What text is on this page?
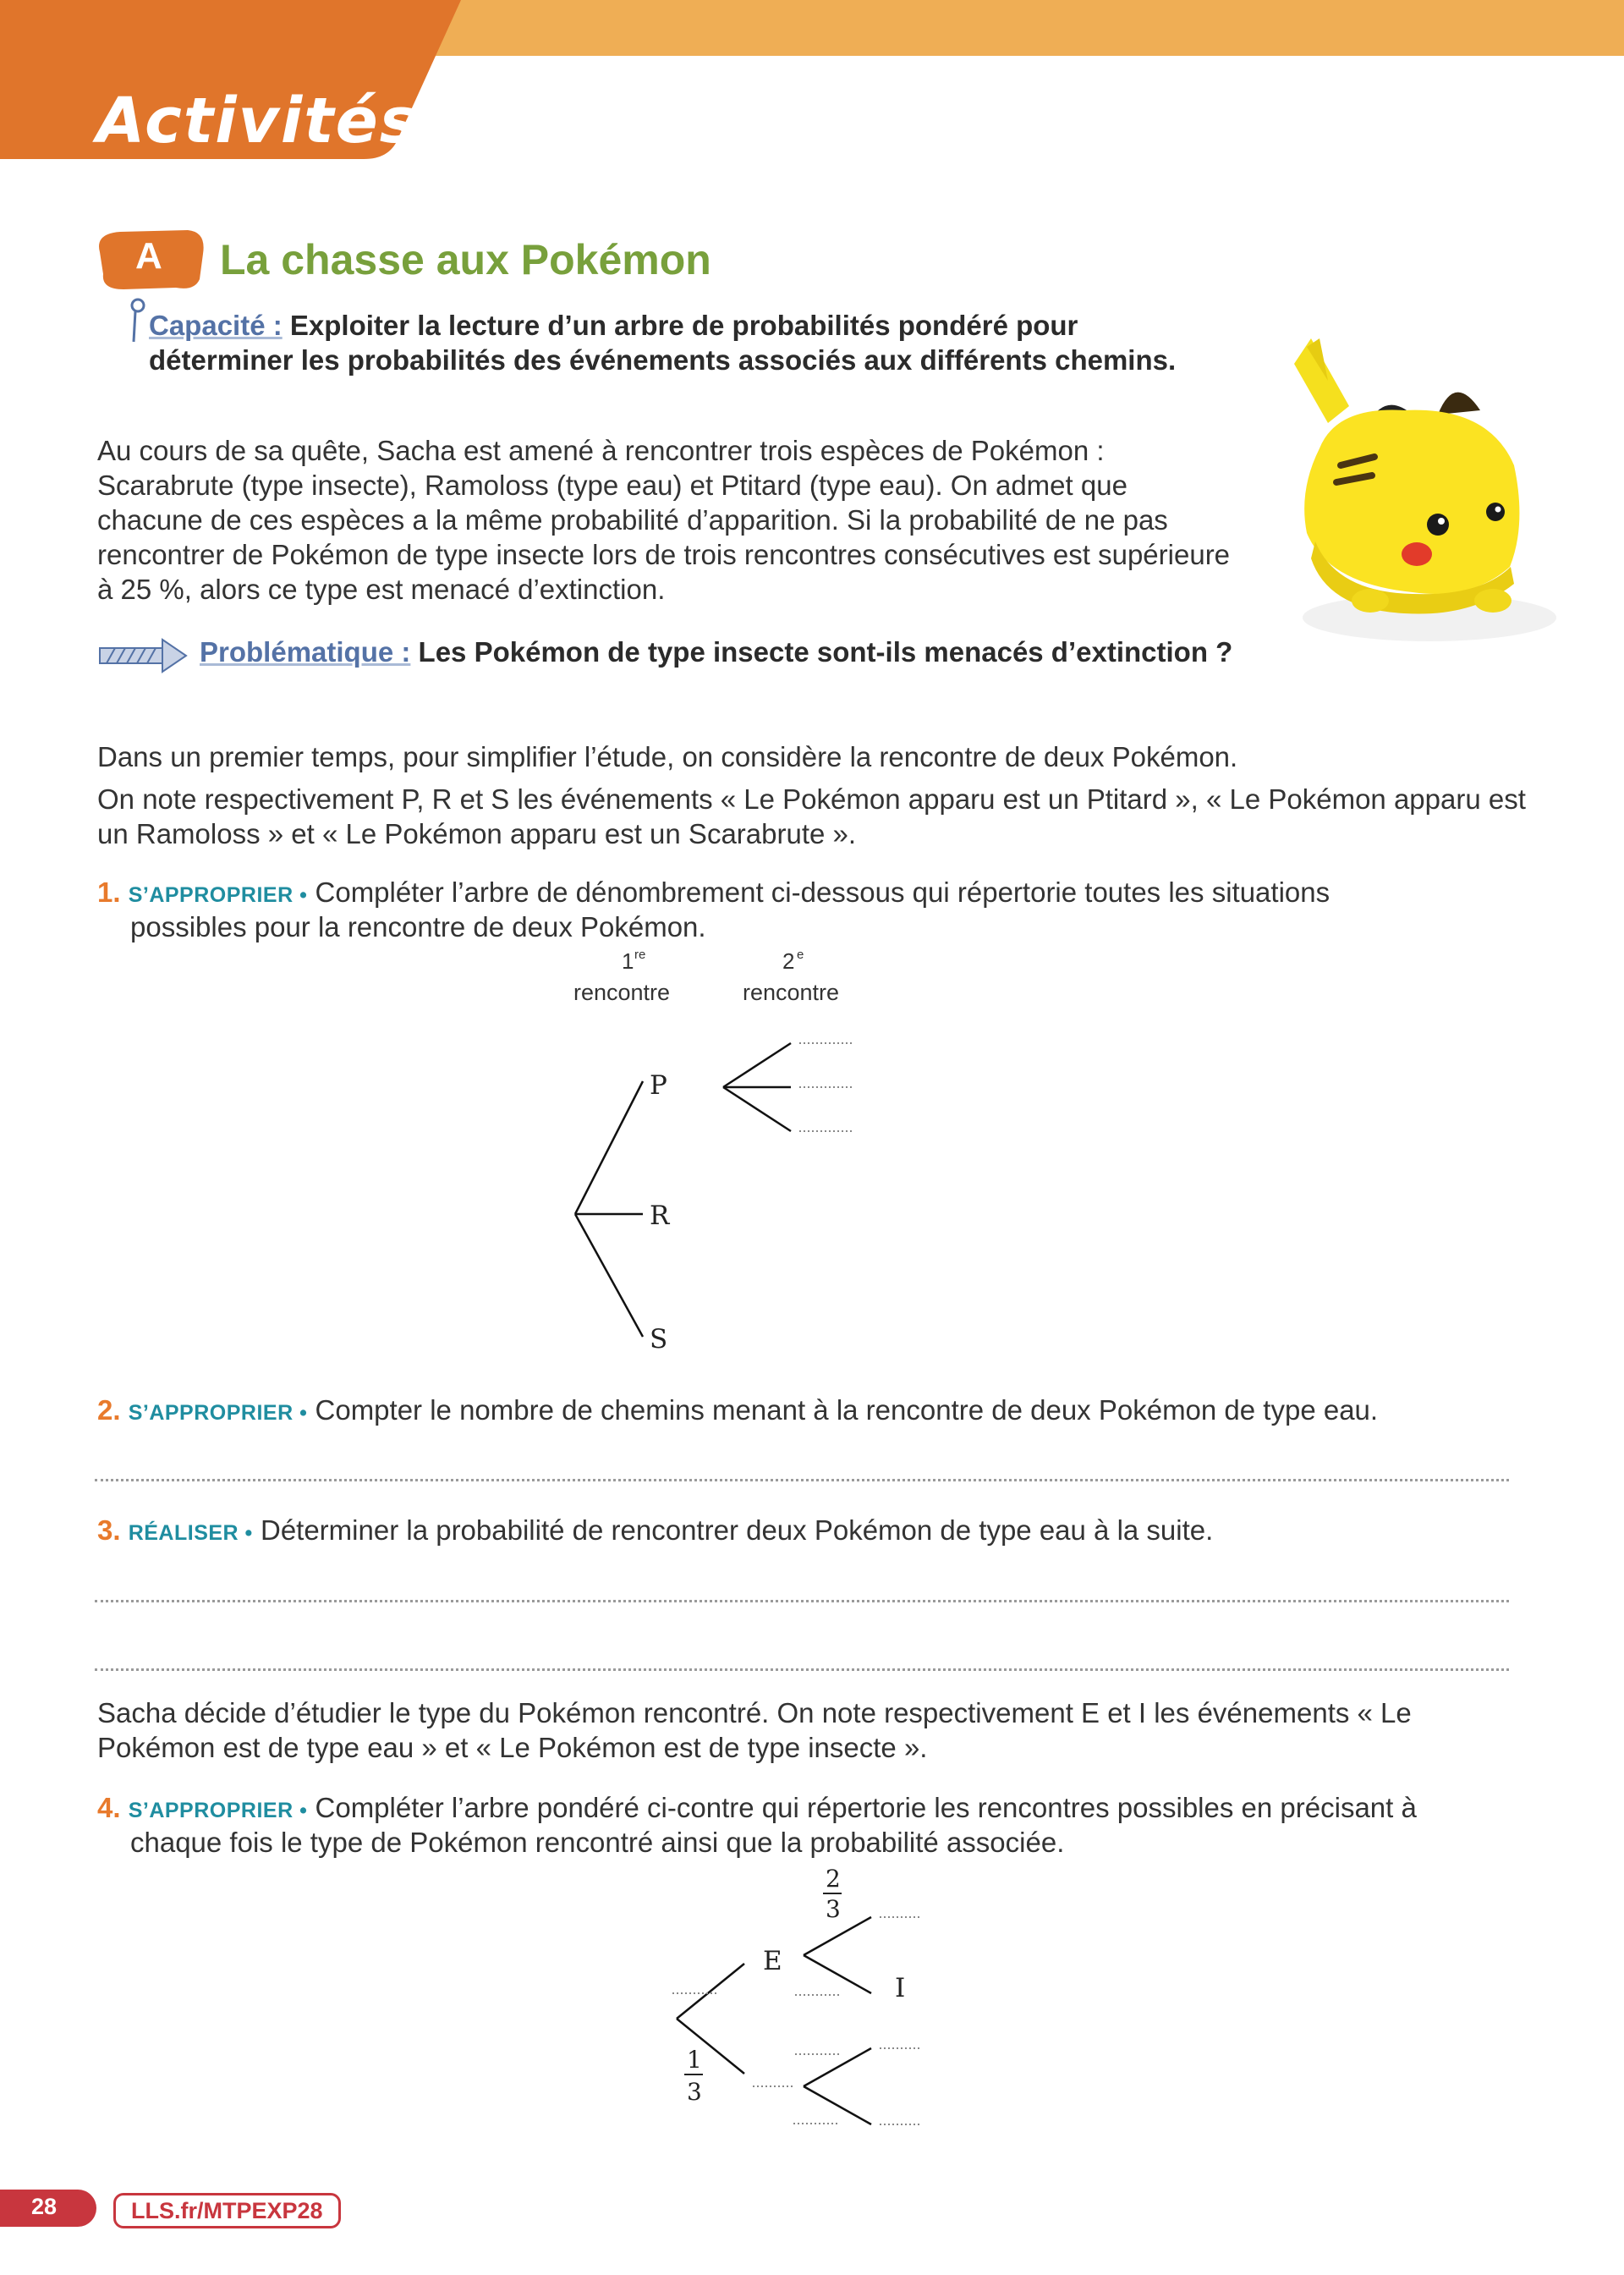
Activités
A La chasse aux Pokémon
Capacité : Exploiter la lecture d’un arbre de probabilités pondéré pour déterminer les probabilités des événements associés aux différents chemins.
Au cours de sa quête, Sacha est amené à rencontrer trois espèces de Pokémon : Scarabrute (type insecte), Ramoloss (type eau) et Ptitard (type eau). On admet que chacune de ces espèces a la même probabilité d’apparition. Si la probabilité de ne pas rencontrer de Pokémon de type insecte lors de trois rencontres consécutives est supérieure à 25 %, alors ce type est menacé d’extinction.
Problématique : Les Pokémon de type insecte sont-ils menacés d’extinction ?
Dans un premier temps, pour simplifier l’étude, on considère la rencontre de deux Pokémon.
On note respectivement P, R et S les événements « Le Pokémon apparu est un Ptitard », « Le Pokémon apparu est un Ramoloss » et « Le Pokémon apparu est un Scarabrute ».
1. S’APPROPRIER • Compléter l’arbre de dénombrement ci-dessous qui répertorie toutes les situations
possibles pour la rencontre de deux Pokémon.
1 re
rencontre
2 e
rencontre
P
R
S
2. S’APPROPRIER • Compter le nombre de chemins menant à la rencontre de deux Pokémon de type eau.
3. RÉALISER • Déterminer la probabilité de rencontrer deux Pokémon de type eau à la suite.
Sacha décide d’étudier le type du Pokémon rencontré. On note respectivement E et I les événements « Le Pokémon est de type eau » et « Le Pokémon est de type insecte ».
4. S’APPROPRIER • Compléter l’arbre pondéré ci-contre qui répertorie les rencontres possibles en précisant à
chaque fois le type de Pokémon rencontré ainsi que la probabilité associée.
E
I
2
3
1
3
28	LLS.fr/MTPEXP28
